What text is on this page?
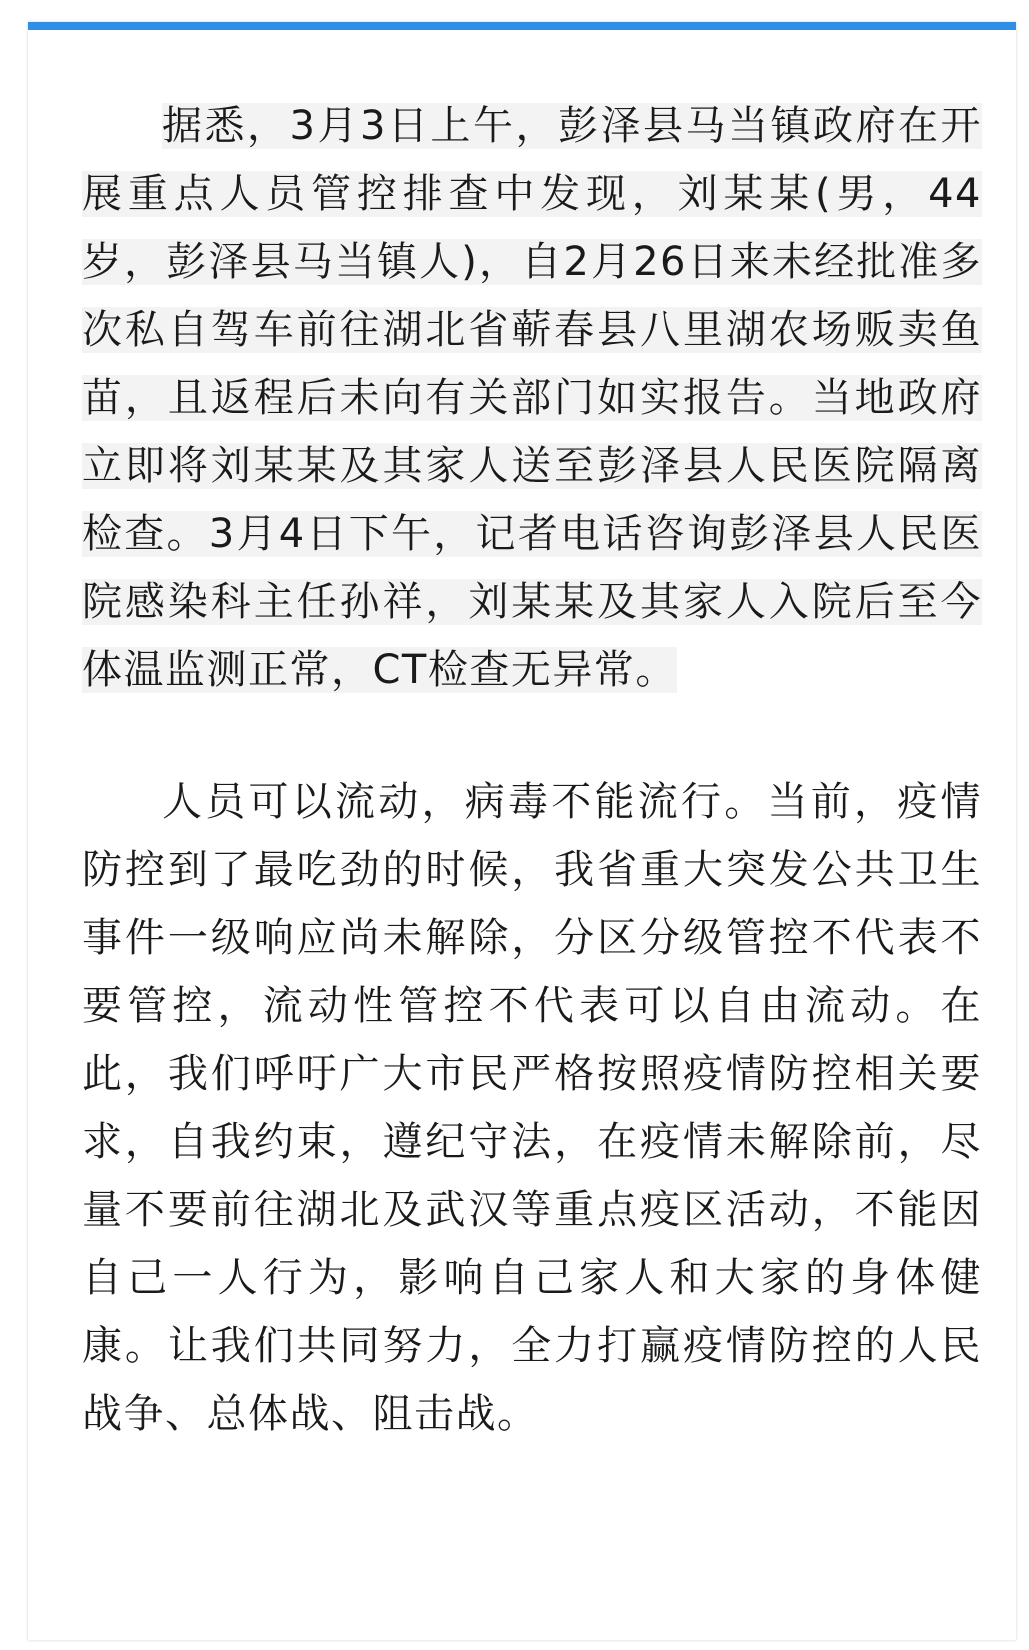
据悉，3月3日上午，彭泽县马当镇政府在开展重点人员管控排查中发现，刘某某(男，44岁，彭泽县马当镇人)，自2月26日来未经批准多次私自驾车前往湖北省蕲春县八里湖农场贩卖鱼苗，且返程后未向有关部门如实报告。当地政府立即将刘某某及其家人送至彭泽县人民医院隔离检查。3月4日下午，记者电话咨询彭泽县人民医院感染科主任孙祥，刘某某及其家人入院后至今体温监测正常，CT检查无异常。

人员可以流动，病毒不能流行。当前，疫情防控到了最吃劲的时候，我省重大突发公共卫生事件一级响应尚未解除，分区分级管控不代表不要管控，流动性管控不代表可以自由流动。在此，我们呼吁广大市民严格按照疫情防控相关要求，自我约束，遵纪守法，在疫情未解除前，尽量不要前往湖北及武汉等重点疫区活动，不能因自己一人行为，影响自己家人和大家的身体健康。让我们共同努力，全力打赢疫情防控的人民战争、总体战、阻击战。
